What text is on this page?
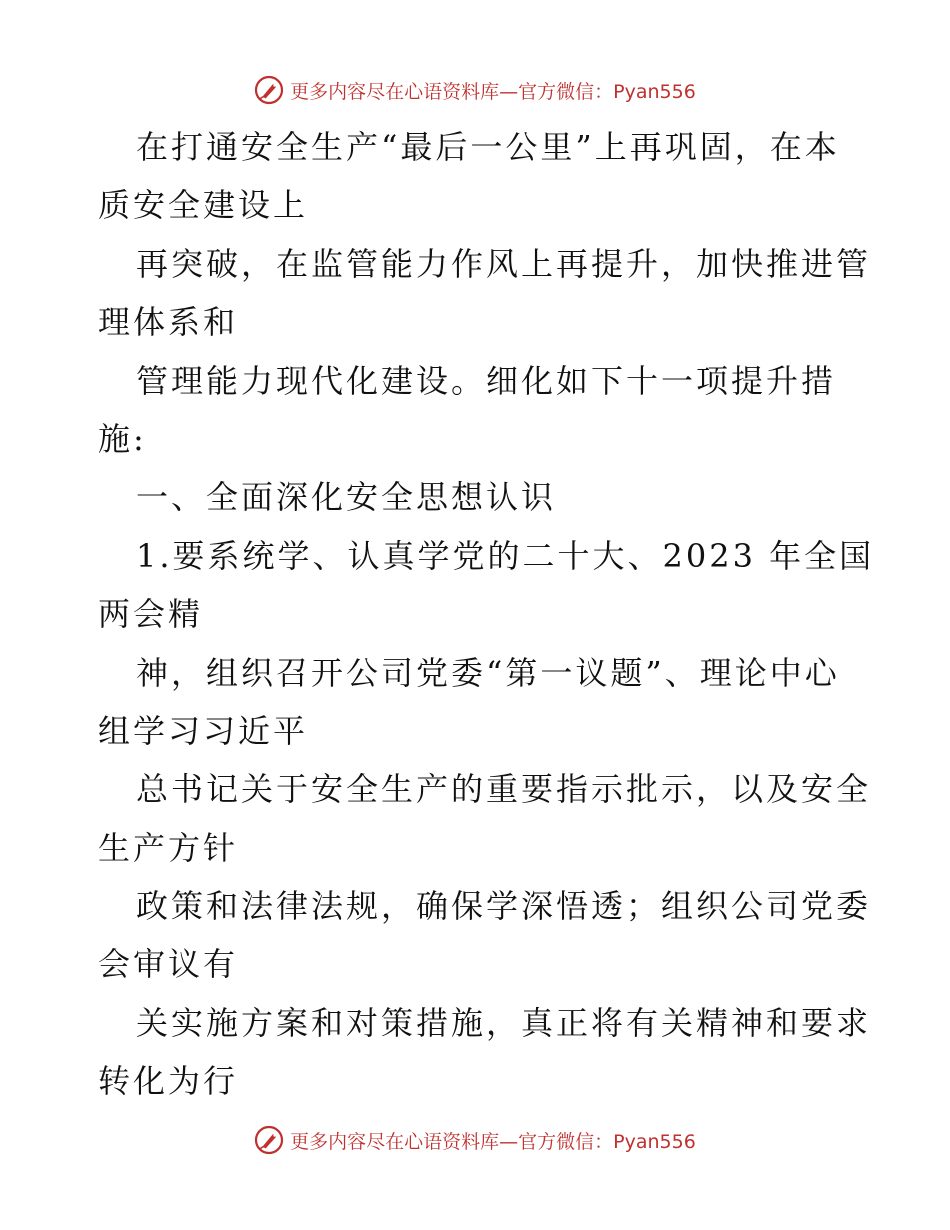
更多内容尽在心语资料库—官方微信：Pyan556
在打通安全生产“最后一公里”上再巩固，在本
质安全建设上
再突破，在监管能力作风上再提升，加快推进管
理体系和
管理能力现代化建设。细化如下十一项提升措
施:
一、全面深化安全思想认识
1.要系统学、认真学党的二十大、2023 年全国
两会精
神，组织召开公司党委“第一议题”、理论中心
组学习习近平
总书记关于安全生产的重要指示批示，以及安全
生产方针
政策和法律法规，确保学深悟透；组织公司党委
会审议有
关实施方案和对策措施，真正将有关精神和要求
转化为行
更多内容尽在心语资料库—官方微信：Pyan556
